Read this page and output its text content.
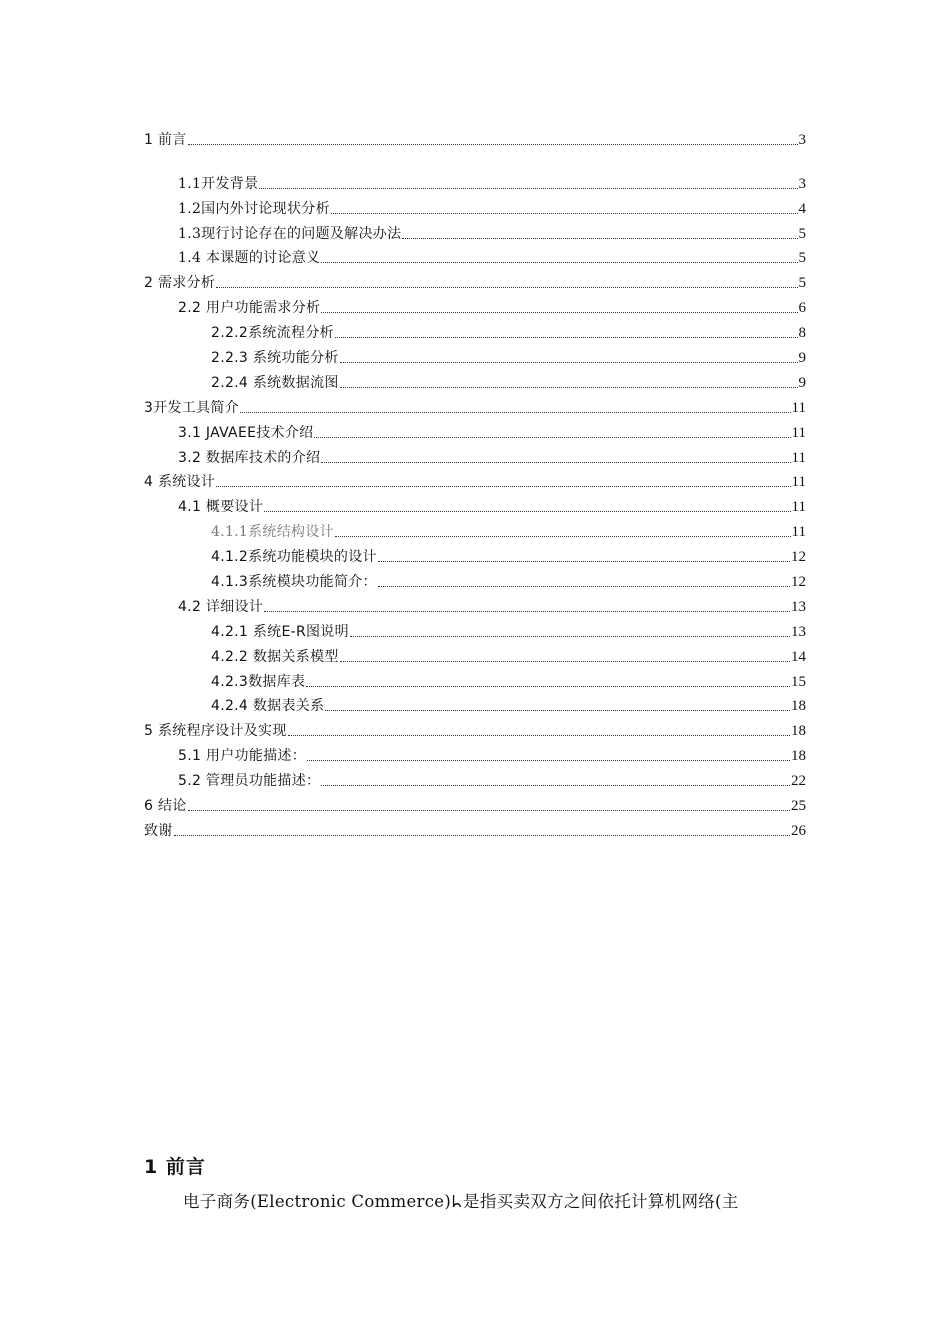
1 前言	3
1.1开发背景	3
1.2国内外讨论现状分析	4
1.3现行讨论存在的问题及解决办法	5
1.4 本课题的讨论意义	5
2 需求分析	5
2.2 用户功能需求分析	6
2.2.2系统流程分析	8
2.2.3 系统功能分析	9
2.2.4 系统数据流图	9
3开发工具简介	11
3.1 JAVAEE技术介绍	11
3.2 数据库技术的介绍	11
4 系统设计	11
4.1 概要设计	11
4.1.1系统结构设计	11
4.1.2系统功能模块的设计	12
4.1.3系统模块功能简介：	12
4.2 详细设计	13
4.2.1 系统E-R图说明	13
4.2.2 数据关系模型	14
4.2.3数据库表	15
4.2.4 数据表关系	18
5 系统程序设计及实现	18
5.1 用户功能描述：	18
5.2 管理员功能描述：	22
6 结论	25
致谢	26
1 前言
电子商务(Electronic Commerce)ᖺ是指买卖双方之间依托计算机网络(主
